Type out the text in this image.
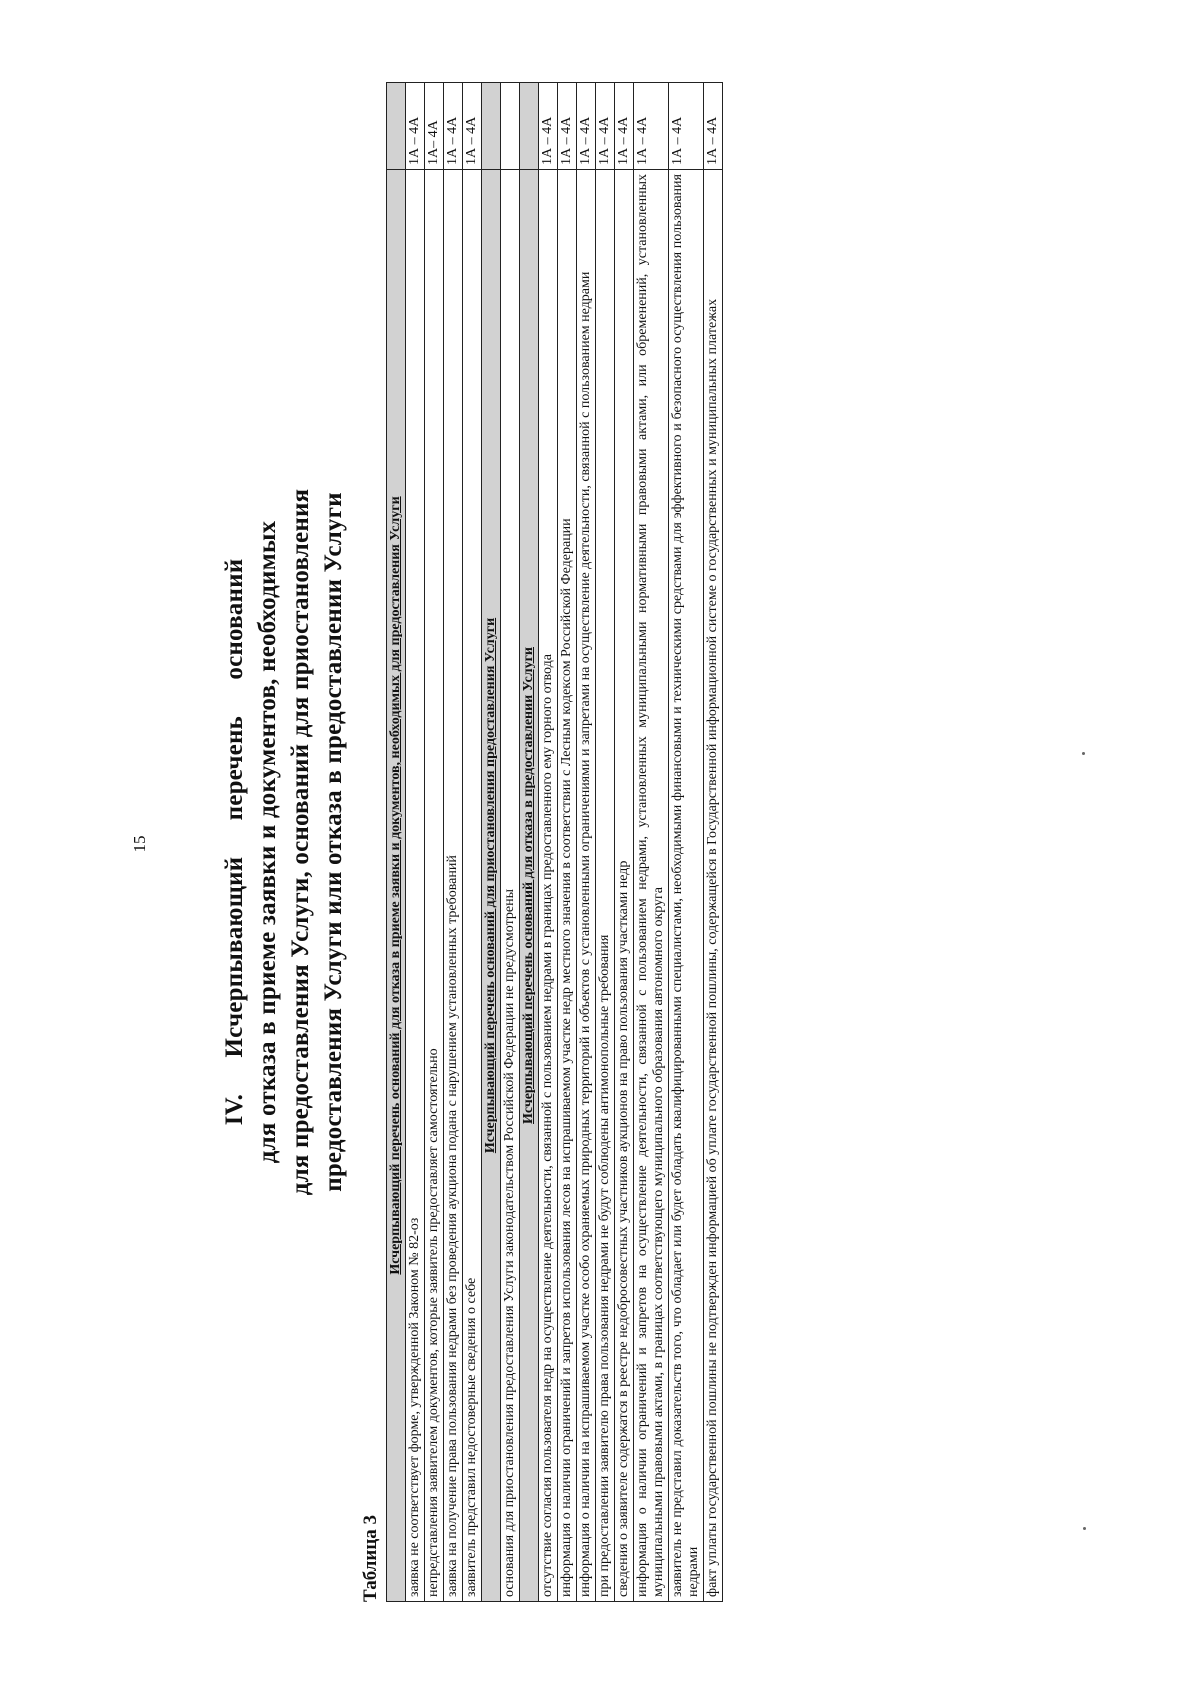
15	IV. Исчерпывающий перечень оснований для отказа в приеме заявки и документов, необходимых для предоставления Услуги, оснований для приостановления предоставления Услуги или отказа в предоставлении Услуги
Таблица 3
Исчерпывающий перечень оснований для отказа в приеме заявки и документов, необходимых для предоставления Услуги	
заявка не соответствует форме, утвержденной Законом № 82-оз	1А – 4А
непредставления заявителем документов, которые заявитель предоставляет самостоятельно	1А– 4А
заявка на получение права пользования недрами без проведения аукциона подана с нарушением установленных требований	1А – 4А
заявитель представил недостоверные сведения о себе	1А – 4А
Исчерпывающий перечень оснований для приостановления предоставления Услуги	
основания для приостановления предоставления Услуги законодательством Российской Федерации не предусмотрены	
Исчерпывающий перечень оснований для отказа в предоставлении Услуги	
отсутствие согласия пользователя недр на осуществление деятельности, связанной с пользованием недрами в границах предоставленного ему горного отвода	1А – 4А
информация о наличии ограничений и запретов использования лесов на испрашиваемом участке недр местного значения в соответствии с Лесным кодексом Российской Федерации	1А – 4А
информация о наличии на испрашиваемом участке особо охраняемых природных территорий и объектов с установленными ограничениями и запретами на осуществление деятельности, связанной с пользованием недрами	1А – 4А
при предоставлении заявителю права пользования недрами не будут соблюдены антимонопольные требования	1А – 4А
сведения о заявителе содержатся в реестре недобросовестных участников аукционов на право пользования участками недр	1А – 4А
информация о наличии ограничений и запретов на осуществление деятельности, связанной с пользованием недрами, установленных муниципальными нормативными правовыми актами, или обременений, установленных муниципальными правовыми актами, в границах соответствующего муниципального образования автономного округа	1А – 4А
заявитель не представил доказательств того, что обладает или будет обладать квалифицированными специалистами, необходимыми финансовыми и техническими средствами для эффективного и безопасного осуществления пользования недрами	1А – 4А
факт уплаты государственной пошлины не подтвержден информацией об уплате государственной пошлины, содержащейся в Государственной информационной системе о государственных и муниципальных платежах	1А – 4А
